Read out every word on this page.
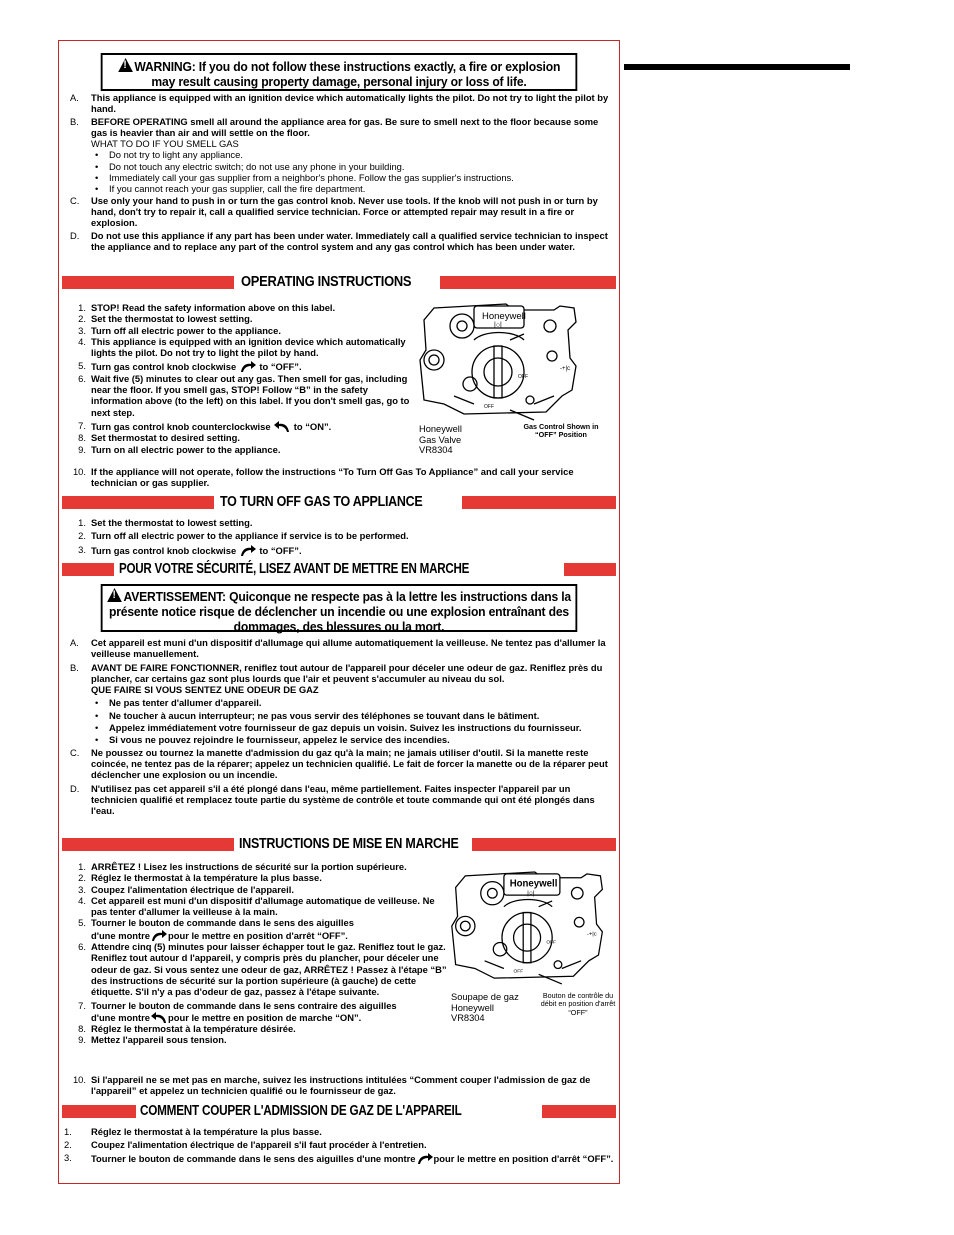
!WARNING: If you do not follow these instructions exactly, a fire or explosion
may result causing property damage, personal injury or loss of life.
A. This appliance is equipped with an ignition device which automatically lights the pilot. Do not try to light the pilot by hand.
B. BEFORE OPERATING smell all around the appliance area for gas. Be sure to smell next to the floor because some gas is heavier than air and will settle on the floor.
WHAT TO DO IF YOU SMELL GAS
• Do not try to light any appliance.
• Do not touch any electric switch; do not use any phone in your building.
• Immediately call your gas supplier from a neighbor's phone. Follow the gas supplier's instructions.
• If you cannot reach your gas supplier, call the fire department.
C. Use only your hand to push in or turn the gas control knob. Never use tools. If the knob will not push in or turn by hand, don't try to repair it, call a qualified service technician. Force or attempted repair may result in a fire or explosion.
D. Do not use this appliance if any part has been under water. Immediately call a qualified service technician to inspect the appliance and to replace any part of the control system and any gas control which has been under water.
OPERATING INSTRUCTIONS
1. STOP! Read the safety information above on this label.
2. Set the thermostat to lowest setting.
3. Turn off all electric power to the appliance.
4. This appliance is equipped with an ignition device which automatically lights the pilot. Do not try to light the pilot by hand.
5. Turn gas control knob clockwise to “OFF”.
6. Wait five (5) minutes to clear out any gas. Then smell for gas, including near the floor. If you smell gas, STOP! Follow “B” in the safety information above (to the left) on this label. If you don't smell gas, go to next step.
7. Turn gas control knob counterclockwise to “ON”.
8. Set thermostat to desired setting.
9. Turn on all electric power to the appliance.
10. If the appliance will not operate, follow the instructions “To Turn Off Gas To Appliance” and call your service technician or gas supplier.
Honeywell
|○|
OFF
OFF
-+|c
Honeywell
Gas Valve
VR8304
Gas Control Shown in “OFF” Position
TO TURN OFF GAS TO APPLIANCE
1. Set the thermostat to lowest setting.
2. Turn off all electric power to the appliance if service is to be performed.
3. Turn gas control knob clockwise to “OFF”.
POUR VOTRE SÉCURITÉ, LISEZ AVANT DE METTRE EN MARCHE
!AVERTISSEMENT: Quiconque ne respecte pas à la lettre les instructions dans la
présente notice risque de déclencher un incendie ou une explosion entraînant des
dommages, des blessures ou la mort.
A. Cet appareil est muni d'un dispositif d'allumage qui allume automatiquement la veilleuse. Ne tentez pas d'allumer la veilleuse manuellement.
B. AVANT DE FAIRE FONCTIONNER, reniflez tout autour de l'appareil pour déceler une odeur de gaz. Reniflez près du plancher, car certains gaz sont plus lourds que l'air et peuvent s'accumuler au niveau du sol.
QUE FAIRE SI VOUS SENTEZ UNE ODEUR DE GAZ
• Ne pas tenter d'allumer d'appareil.
• Ne toucher à aucun interrupteur; ne pas vous servir des téléphones se touvant dans le bâtiment.
• Appelez immédiatement votre fournisseur de gaz depuis un voisin. Suivez les instructions du fournisseur.
• Si vous ne pouvez rejoindre le fournisseur, appelez le service des incendies.
C. Ne poussez ou tournez la manette d'admission du gaz qu'à la main; ne jamais utiliser d'outil. Si la manette reste coincée, ne tentez pas de la réparer; appelez un technicien qualifié. Le fait de forcer la manette ou de la réparer peut déclencher une explosion ou un incendie.
D. N'utilisez pas cet appareil s'il a été plongé dans l'eau, même partiellement. Faites inspecter l'appareil par un technicien qualifié et remplacez toute partie du système de contrôle et toute commande qui ont été plongés dans l'eau.
INSTRUCTIONS DE MISE EN MARCHE
1. ARRÊTEZ ! Lisez les instructions de sécurité sur la portion supérieure.
2. Réglez le thermostat à la température la plus basse.
3. Coupez l'alimentation électrique de l'appareil.
4. Cet appareil est muni d'un dispositif d'allumage automatique de veilleuse. Ne pas tenter d'allumer la veilleuse à la main.
5. Tourner le bouton de commande dans le sens des aiguilles
d'une montre pour le mettre en position d'arrêt “OFF”.
6. Attendre cinq (5) minutes pour laisser échapper tout le gaz. Reniflez tout le gaz. Reniflez tout autour d l'appareil, y compris près du plancher, pour déceler une odeur de gaz. Si vous sentez une odeur de gaz, ARRÊTEZ ! Passez à l'étape “B” des instructions de sécurité sur la portion supérieure (à gauche) de cette étiquette. S'il n'y a pas d'odeur de gaz, passez à l'étape suivante.
7. Tourner le bouton de commande dans le sens contraire des aiguilles
d'une montre pour le mettre en position de marche “ON”.
8. Réglez le thermostat à la température désirée.
9. Mettez l'appareil sous tension.
10. Si l'appareil ne se met pas en marche, suivez les instructions intitulées “Comment couper l'admission de gaz de l'appareil” et appelez un technicien qualifié ou le fournisseur de gaz.
Honeywell
|○|
OFF
OFF
-+|c
Soupape de gaz
Honeywell
VR8304
Bouton de contrôle du débit en position d'arrêt “OFF”
COMMENT COUPER L'ADMISSION DE GAZ DE L'APPAREIL
1. Réglez le thermostat à la température la plus basse.
2. Coupez l'alimentation électrique de l'appareil s'il faut procéder à l'entretien.
3. Tourner le bouton de commande dans le sens des aiguilles d'une montre pour le mettre en position d'arrêt “OFF”.
